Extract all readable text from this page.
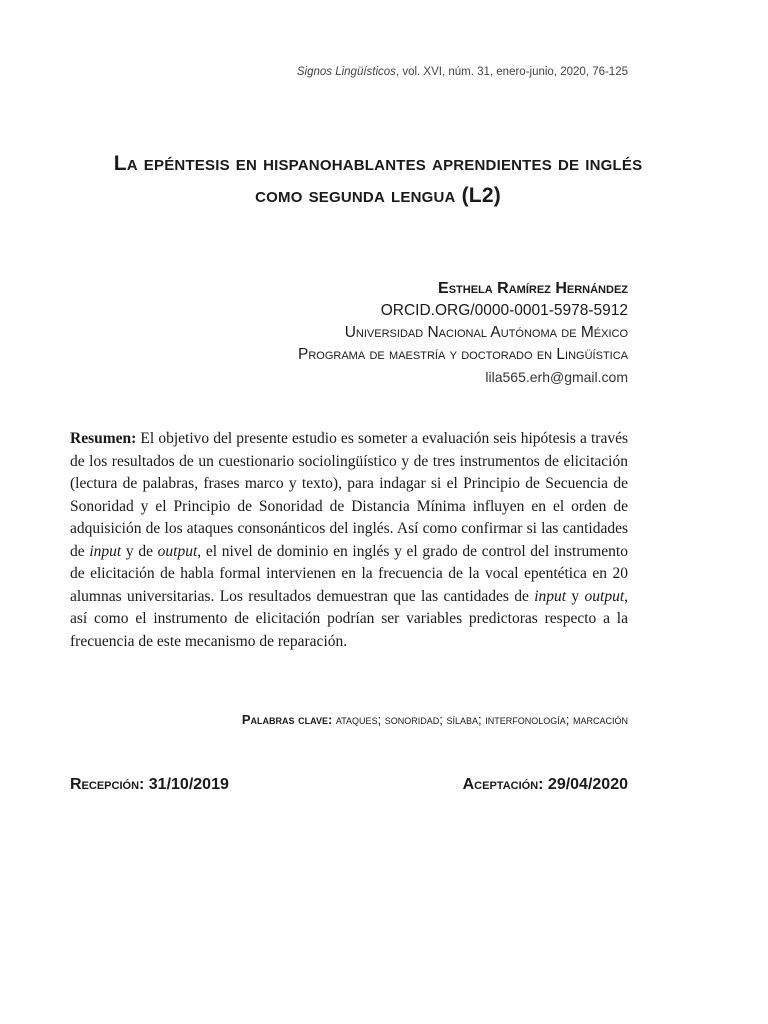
Signos Lingüísticos, vol. XVI, núm. 31, enero-junio, 2020, 76-125
La epéntesis en hispanohablantes aprendientes de inglés
como segunda lengua (L2)
Esthela Ramírez Hernández
ORCID.ORG/0000-0001-5978-5912
Universidad Nacional Autónoma de México
Programa de maestría y doctorado en Lingüística
lila565.erh@gmail.com
Resumen: El objetivo del presente estudio es someter a evaluación seis hipótesis a través de los resultados de un cuestionario sociolingüístico y de tres instrumentos de elicitación (lectura de palabras, frases marco y texto), para indagar si el Principio de Secuencia de Sonoridad y el Principio de Sonoridad de Distancia Mínima influyen en el orden de adquisición de los ataques consonánticos del inglés. Así como confirmar si las cantidades de input y de output, el nivel de dominio en inglés y el grado de control del instrumento de elicitación de habla formal intervienen en la frecuencia de la vocal epentética en 20 alumnas universitarias. Los resultados demuestran que las cantidades de input y output, así como el instrumento de elicitación podrían ser variables predictoras respecto a la frecuencia de este mecanismo de reparación.
Palabras clave: ataques; sonoridad; sílaba; interfonología; marcación
Recepción: 31/10/2019	Aceptación: 29/04/2020
